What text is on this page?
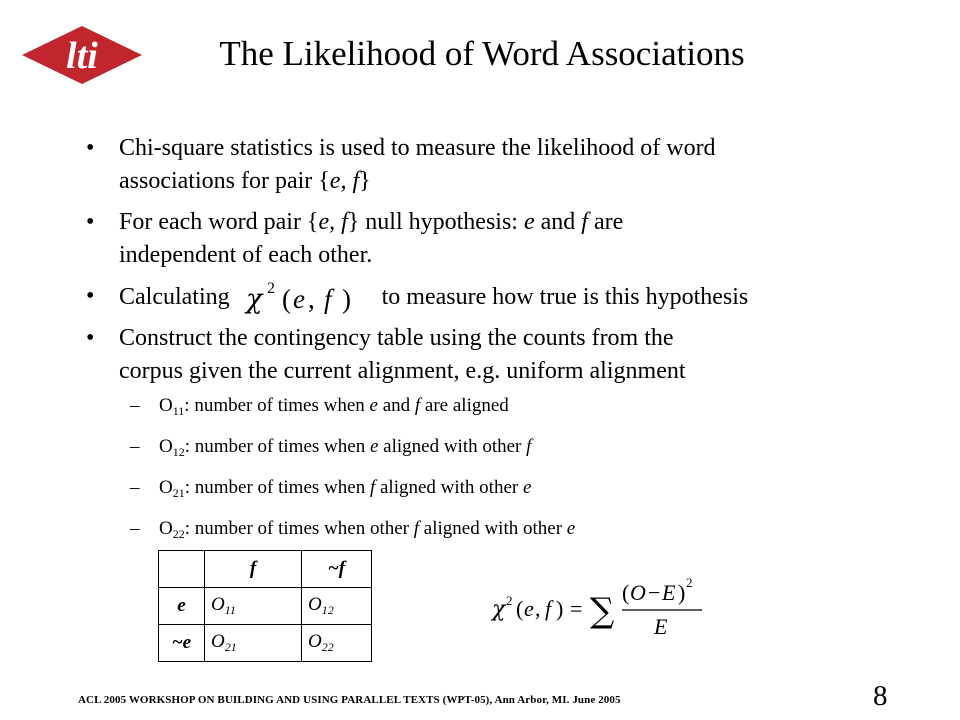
lti	The Likelihood of Word Associations
• Chi-square statistics is used to measure the likelihood of word
associations for pair {e, f}
• For each word pair {e, f} null hypothesis: e and f are
independent of each other.
• Calculating χ 2 ( e , f ) to measure how true is this hypothesis
• Construct the contingency table using the counts from the
corpus given the current alignment, e.g. uniform alignment
– $O_{11}$: number of times when e and f are aligned
– $O_{12}$: number of times when e aligned with other f
– $O_{21}$: number of times when f aligned with other e
– $O_{22}$: number of times when other f aligned with other e
	f	~f
e	$O_{11}$	$O_{12}$
~e	$O_{21}$	$O_{22}$
χ 2 ( e , f ) = ∑ ( O − E ) 2
E
ACL 2005 WORKSHOP ON BUILDING AND USING PARALLEL TEXTS (WPT-05), Ann Arbor, MI. June 2005	8
